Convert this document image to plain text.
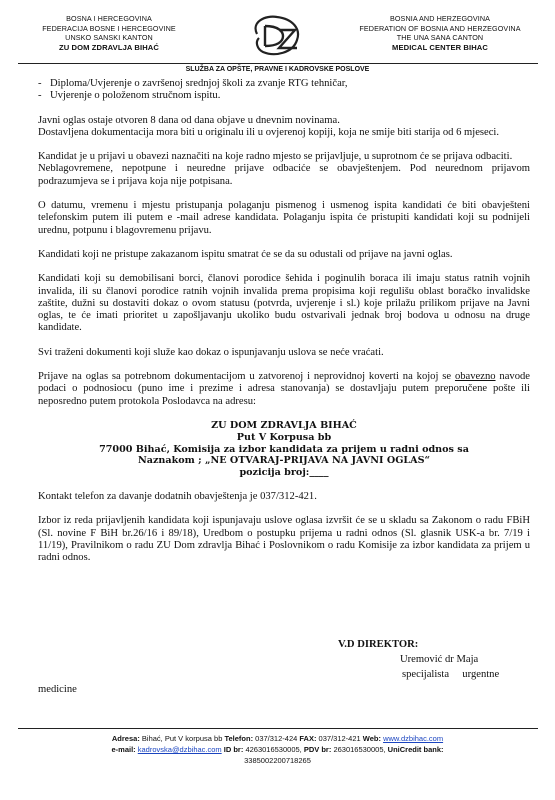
BOSNA I HERCEGOVINA
FEDERACIJA BOSNE I HERCEGOVINE
UNSKO SANSKI KANTON
ZU DOM ZDRAVLJA BIHAĆ
BOSNIA AND HERZEGOVINA
FEDERATION OF BOSNIA AND HERZEGOVINA
THE UNA SANA CANTON
MEDICAL CENTER BIHAC
SLUŽBA ZA OPŠTE, PRAVNE I KADROVSKE POSLOVE
- Diploma/Uvjerenje o završenoj srednjoj školi za zvanje RTG tehničar,
- Uvjerenje o položenom stručnom ispitu.

Javni oglas ostaje otvoren 8 dana od dana objave u dnevnim novinama.

Dostavljena dokumentacija mora biti u originalu ili u ovjerenoj kopiji, koja ne smije biti starija od 6 mjeseci.

Kandidat je u prijavi u obavezi naznačiti na koje radno mjesto se prijavljuje, u suprotnom će se prijava odbaciti.

Neblagovremene, nepotpune i neuredne prijave odbaciće se obavještenjem. Pod neurednom prijavom podrazumjeva se i prijava koja nije potpisana.

O datumu, vremenu i mjestu pristupanja polaganju pismenog i usmenog ispita kandidati će biti obavješteni telefonskim putem ili putem e -mail adrese kandidata. Polaganju ispita će pristupiti kandidati koji su podnijeli urednu, potpunu i blagovremenu prijavu.

Kandidati koji ne pristupe zakazanom ispitu smatrat će se da su odustali od prijave na javni oglas.

Kandidati koji su demobilisani borci, članovi porodice šehida i poginulih boraca ili imaju status ratnih vojnih invalida, ili su članovi porodice ratnih vojnih invalida prema propisima koji regulišu oblast boračko invalidske zaštite, dužni su dostaviti dokaz o ovom statusu (potvrda, uvjerenje i sl.) koje prilažu prilikom prijave na Javni oglas, te će imati prioritet u zapošljavanju ukoliko budu ostvarivali jednak broj bodova u odnosu na druge kandidate.

Svi traženi dokumenti koji služe kao dokaz o ispunjavanju uslova se neće vraćati.

Prijave na oglas sa potrebnom dokumentacijom u zatvorenoj i neprovidnoj koverti na kojoj se obavezno navode podaci o podnosiocu (puno ime i prezime i adresa stanovanja) se dostavljaju putem preporučene pošte ili neposredno putem protokola Poslodavca na adresu:

ZU DOM ZDRAVLJA BIHAĆ
Put V Korpusa bb
77000 Bihać, Komisija za izbor kandidata za prijem u radni odnos sa
Naznakom ; „NE OTVARAJ-PRIJAVA NA JAVNI OGLAS“
pozicija broj:____

Kontakt telefon za davanje dodatnih obavještenja je 037/312-421.

Izbor iz reda prijavljenih kandidata koji ispunjavaju uslove oglasa izvršit će se u skladu sa Zakonom o radu FBiH (Sl. novine F BiH br.26/16 i 89/18), Uredbom o postupku prijema u radni odnos (Sl. glasnik USK-a br. 7/19 i 11/19), Pravilnikom o radu ZU Dom zdravlja Bihać i Poslovnikom o radu Komisije za izbor kandidata za prijem u radni odnos.

V.D DIREKTOR:
Uremović dr Maja
specijalista     urgentne
medicine
Adresa: Bihać, Put V korpusa bb Telefon: 037/312-424 FAX: 037/312-421 Web: www.dzbihac.com
e-mail: kadrovska@dzbihac.com ID br: 4263016530005, PDV br: 263016530005, UniCredit bank:
3385002200718265
